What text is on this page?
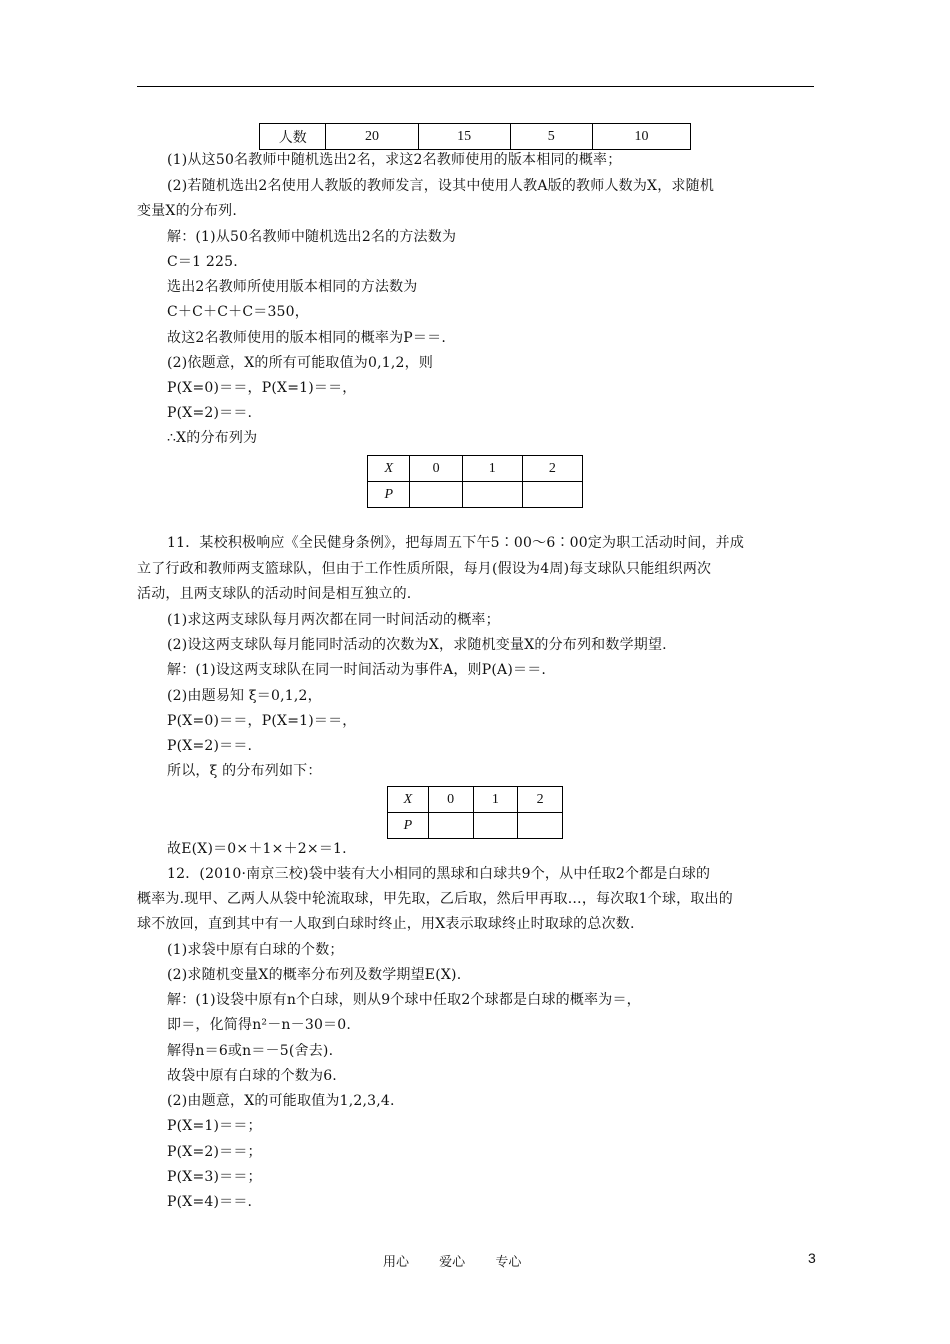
人数	20	15	5	10
(1)从这50名教师中随机选出2名，求这2名教师使用的版本相同的概率；
(2)若随机选出2名使用人教版的教师发言，设其中使用人教A版的教师人数为X，求随机
变量X的分布列.
解：(1)从50名教师中随机选出2名的方法数为
C＝1 225.
选出2名教师所使用版本相同的方法数为
C＋C＋C＋C＝350，
故这2名教师使用的版本相同的概率为P＝＝.
(2)依题意，X的所有可能取值为0,1,2，则
P(X=0)＝＝，P(X=1)＝＝，
P(X=2)＝＝.
∴X的分布列为
X	0	1	2
P			
11．某校积极响应《全民健身条例》，把每周五下午5∶00～6∶00定为职工活动时间，并成
立了行政和教师两支篮球队，但由于工作性质所限，每月(假设为4周)每支球队只能组织两次
活动，且两支球队的活动时间是相互独立的.
(1)求这两支球队每月两次都在同一时间活动的概率；
(2)设这两支球队每月能同时活动的次数为X，求随机变量X的分布列和数学期望.
解：(1)设这两支球队在同一时间活动为事件A，则P(A)＝＝.
(2)由题易知 ξ＝0,1,2，
P(X=0)＝＝，P(X=1)＝＝，
P(X=2)＝＝.
所以，ξ 的分布列如下：
X	0	1	2
P			
故E(X)＝0×＋1×＋2×＝1.
12．(2010·南京三校)袋中装有大小相同的黑球和白球共9个，从中任取2个都是白球的
概率为.现甲、乙两人从袋中轮流取球，甲先取，乙后取，然后甲再取…，每次取1个球，取出的
球不放回，直到其中有一人取到白球时终止，用X表示取球终止时取球的总次数.
(1)求袋中原有白球的个数；
(2)求随机变量X的概率分布列及数学期望E(X).
解：(1)设袋中原有n个白球，则从9个球中任取2个球都是白球的概率为＝，
即＝，化简得n²－n－30＝0.
解得n＝6或n＝－5(舍去).
故袋中原有白球的个数为6.
(2)由题意，X的可能取值为1,2,3,4.
P(X=1)＝＝；
P(X=2)＝＝；
P(X=3)＝＝；
P(X=4)＝＝.
用心 爱心 专心	3
